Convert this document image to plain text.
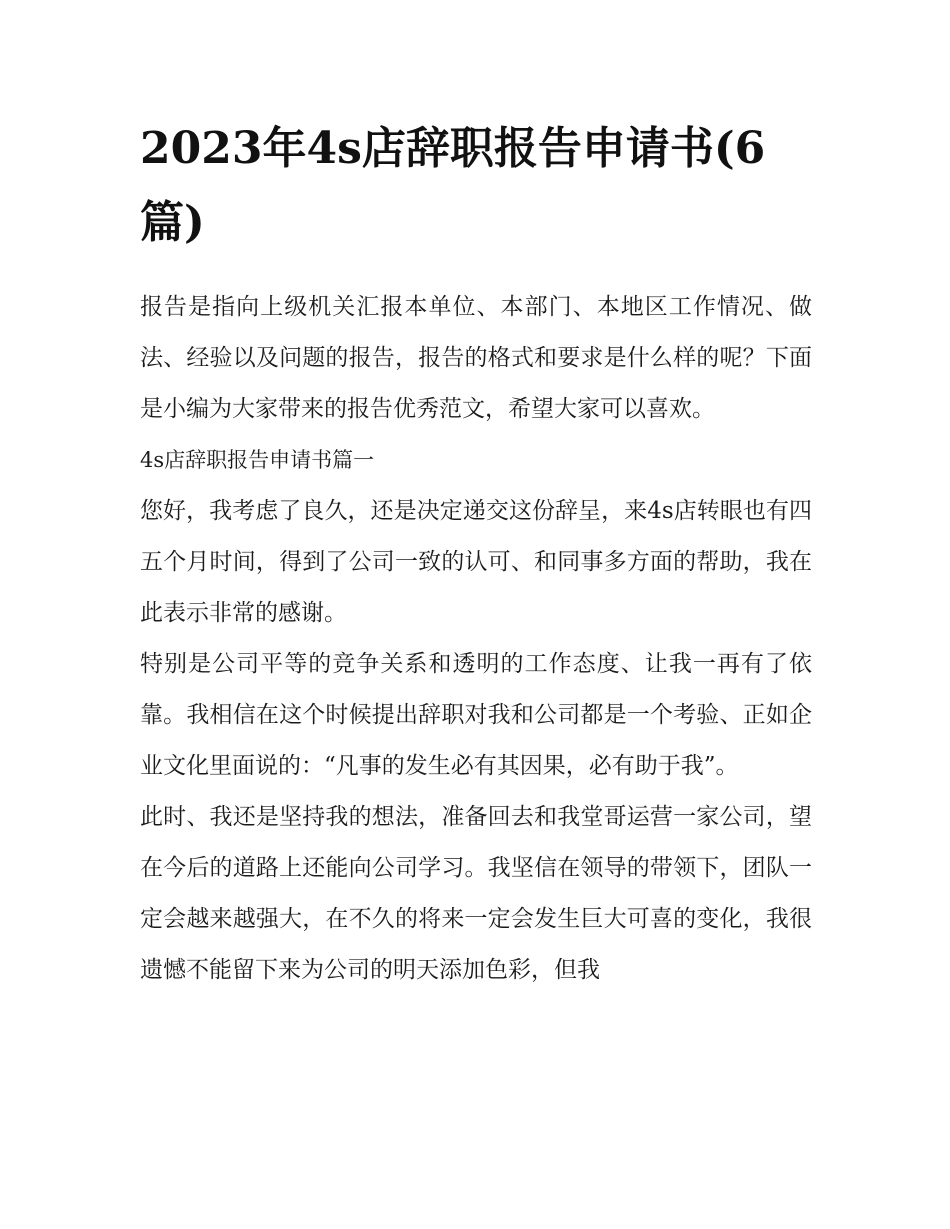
2023年4s店辞职报告申请书(6篇)

报告是指向上级机关汇报本单位、本部门、本地区工作情况、做法、经验以及问题的报告，报告的格式和要求是什么样的呢？下面是小编为大家带来的报告优秀范文，希望大家可以喜欢。

4s店辞职报告申请书篇一

您好，我考虑了良久，还是决定递交这份辞呈，来4s店转眼也有四五个月时间，得到了公司一致的认可、和同事多方面的帮助，我在此表示非常的感谢。

特别是公司平等的竞争关系和透明的工作态度、让我一再有了依靠。我相信在这个时候提出辞职对我和公司都是一个考验、正如企业文化里面说的：“凡事的发生必有其因果，必有助于我”。

此时、我还是坚持我的想法，准备回去和我堂哥运营一家公司，望在今后的道路上还能向公司学习。我坚信在领导的带领下，团队一定会越来越强大，在不久的将来一定会发生巨大可喜的变化，我很遗憾不能留下来为公司的明天添加色彩，但我
